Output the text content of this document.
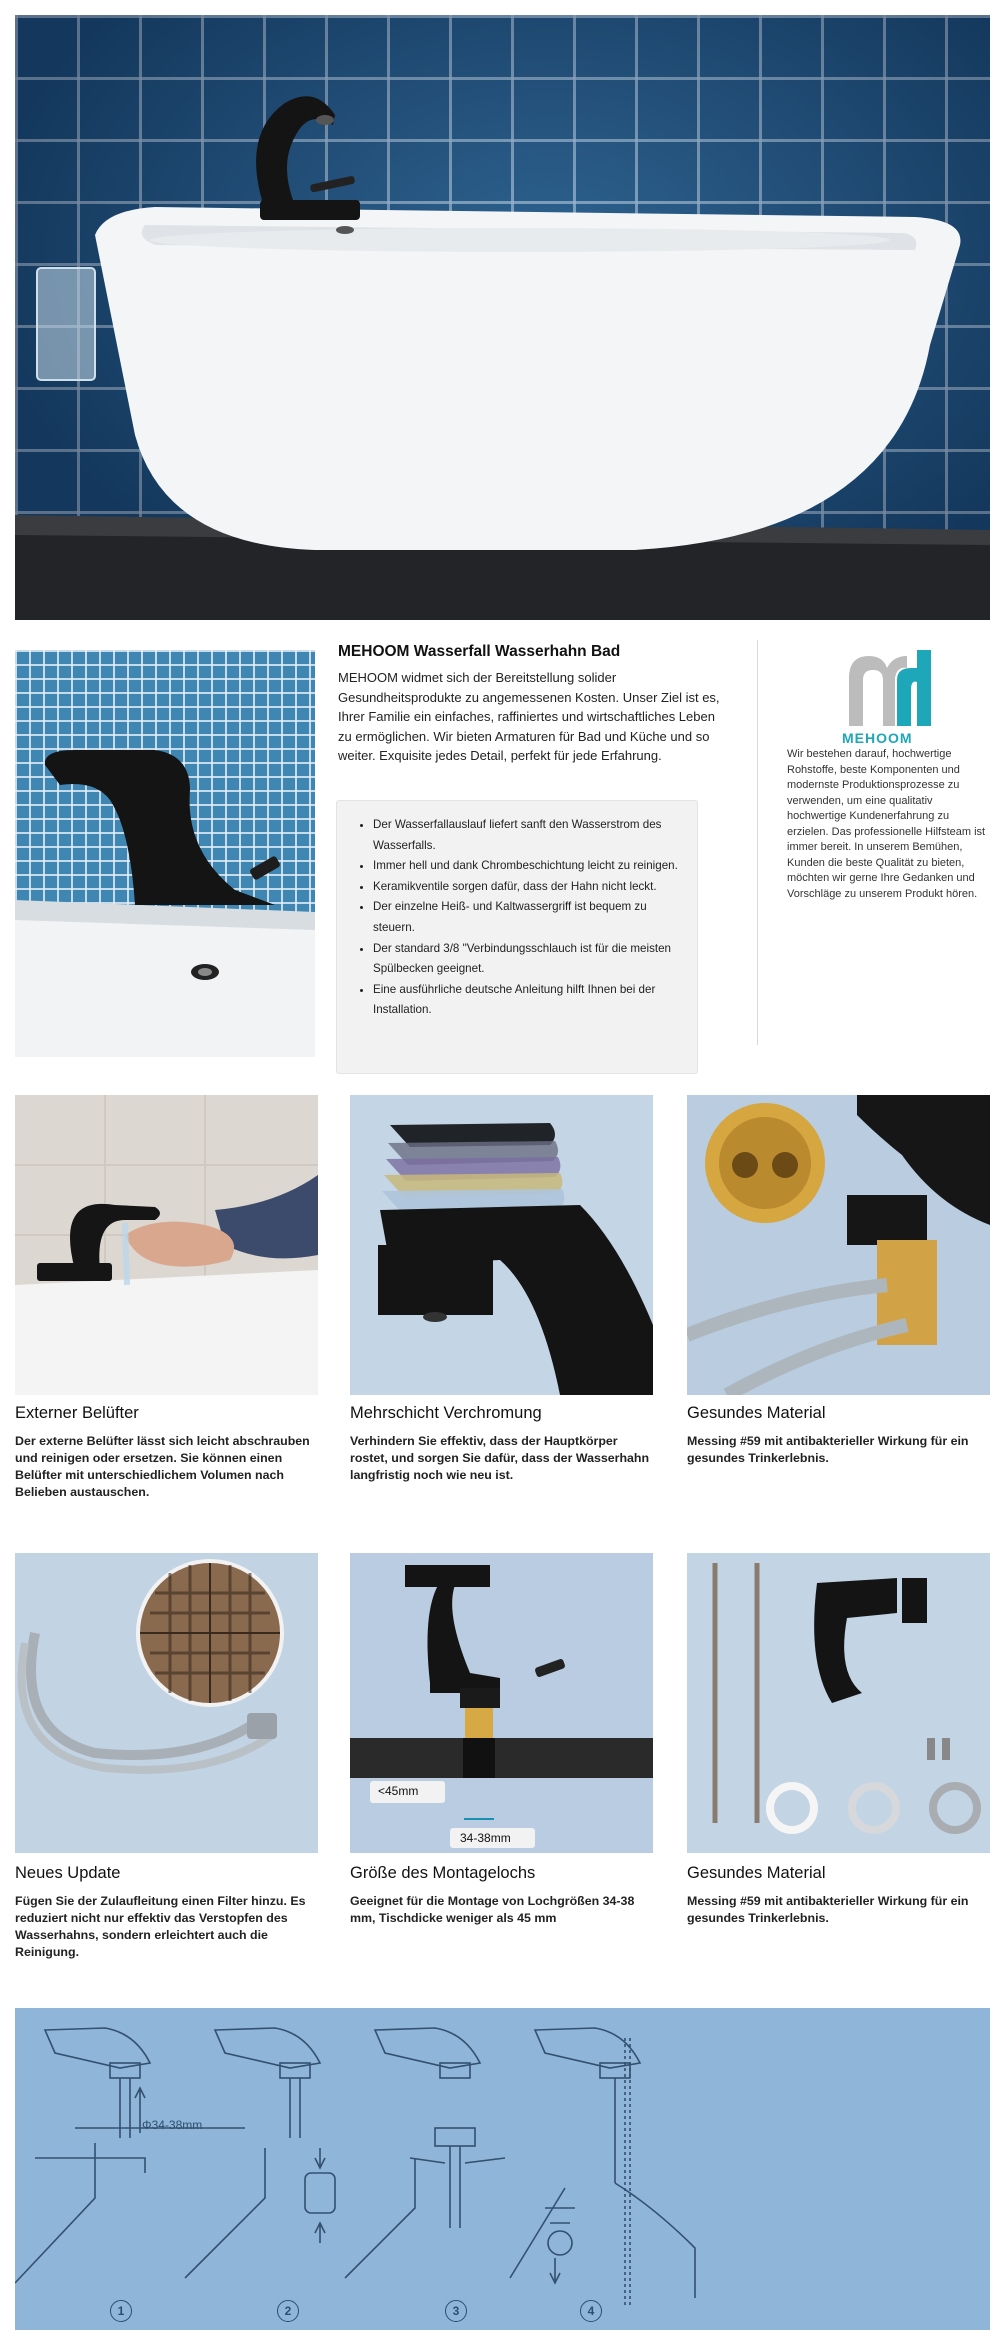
MEHOOM Wasserfall Wasserhahn Bad
MEHOOM widmet sich der Bereitstellung solider Gesundheitsprodukte zu angemessenen Kosten. Unser Ziel ist es, Ihrer Familie ein einfaches, raffiniertes und wirtschaftliches Leben zu ermöglichen. Wir bieten Armaturen für Bad und Küche und so weiter. Exquisite jedes Detail, perfekt für jede Erfahrung.
• Der Wasserfallauslauf liefert sanft den Wasserstrom des Wasserfalls.
• Immer hell und dank Chrombeschichtung leicht zu reinigen.
• Keramikventile sorgen dafür, dass der Hahn nicht leckt.
• Der einzelne Heiß- und Kaltwassergriff ist bequem zu steuern.
• Der standard 3/8 "Verbindungsschlauch ist für die meisten Spülbecken geeignet.
• Eine ausführliche deutsche Anleitung hilft Ihnen bei der Installation.
MEHOOM
Wir bestehen darauf, hochwertige Rohstoffe, beste Komponenten und modernste Produktionsprozesse zu verwenden, um eine qualitativ hochwertige Kundenerfahrung zu erzielen. Das professionelle Hilfsteam ist immer bereit. In unserem Bemühen, Kunden die beste Qualität zu bieten, möchten wir gerne Ihre Gedanken und Vorschläge zu unserem Produkt hören.
Externer Belüfter
Der externe Belüfter lässt sich leicht abschrauben und reinigen oder ersetzen. Sie können einen Belüfter mit unterschiedlichem Volumen nach Belieben austauschen.
Mehrschicht Verchromung
Verhindern Sie effektiv, dass der Hauptkörper rostet, und sorgen Sie dafür, dass der Wasserhahn langfristig noch wie neu ist.
Gesundes Material
Messing #59 mit antibakterieller Wirkung für ein gesundes Trinkerlebnis.
Neues Update
Fügen Sie der Zulaufleitung einen Filter hinzu. Es reduziert nicht nur effektiv das Verstopfen des Wasserhahns, sondern erleichtert auch die Reinigung.
<45mm
34-38mm
Größe des Montagelochs
Geeignet für die Montage von Lochgrößen 34-38 mm, Tischdicke weniger als 45 mm
Gesundes Material
Messing #59 mit antibakterieller Wirkung für ein gesundes Trinkerlebnis.
Φ34-38mm
1	2	3	4
